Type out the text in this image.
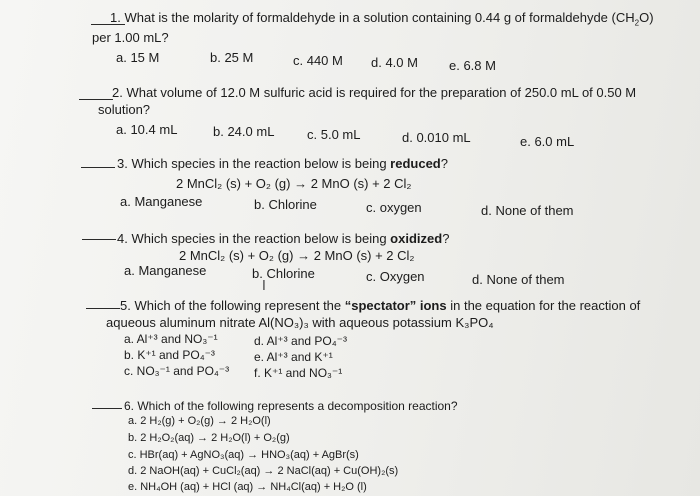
1. What is the molarity of formaldehyde in a solution containing 0.44 g of formaldehyde $(CH_2O)$
per 1.00 mL?
a. 15 M	b. 25 M	c. 440 M d. 4.0 M e. 6.8 M
2. What volume of 12.0 M sulfuric acid is required for the preparation of 250.0 mL of 0.50 M
solution?
a. 10.4 mL	b. 24.0 mL	c. 5.0 mL	d. 0.010 mL	e. 6.0 mL
3. Which species in the reaction below is being reduced?
2 MnCl₂ (s) + O₂ (g) → 2 MnO (s) + 2 Cl₂
a. Manganese	b. Chlorine	c. oxygen	d. None of them
4. Which species in the reaction below is being oxidized?
2 MnCl₂ (s) + O₂ (g) → 2 MnO (s) + 2 Cl₂
a. Manganese	b. Chlorine	c. Oxygen	d. None of them
I
5. Which of the following represent the “spectator” ions in the equation for the reaction of
aqueous aluminum nitrate Al(NO₃)₃ with aqueous potassium K₃PO₄
a. Al⁺³ and NO₃⁻¹
b. K⁺¹ and PO₄⁻³
c. NO₃⁻¹ and PO₄⁻³
d. Al⁺³ and PO₄⁻³
e. Al⁺³ and K⁺¹
f. K⁺¹ and NO₃⁻¹
6. Which of the following represents a decomposition reaction?
a. 2 H₂(g) + O₂(g) → 2 H₂O(l)
b. 2 H₂O₂(aq) → 2 H₂O(l) + O₂(g)
c. HBr(aq) + AgNO₃(aq) → HNO₃(aq) + AgBr(s)
d. 2 NaOH(aq) + CuCl₂(aq) → 2 NaCl(aq) + Cu(OH)₂(s)
e. NH₄OH (aq) + HCl (aq) → NH₄Cl(aq) + H₂O (l)
